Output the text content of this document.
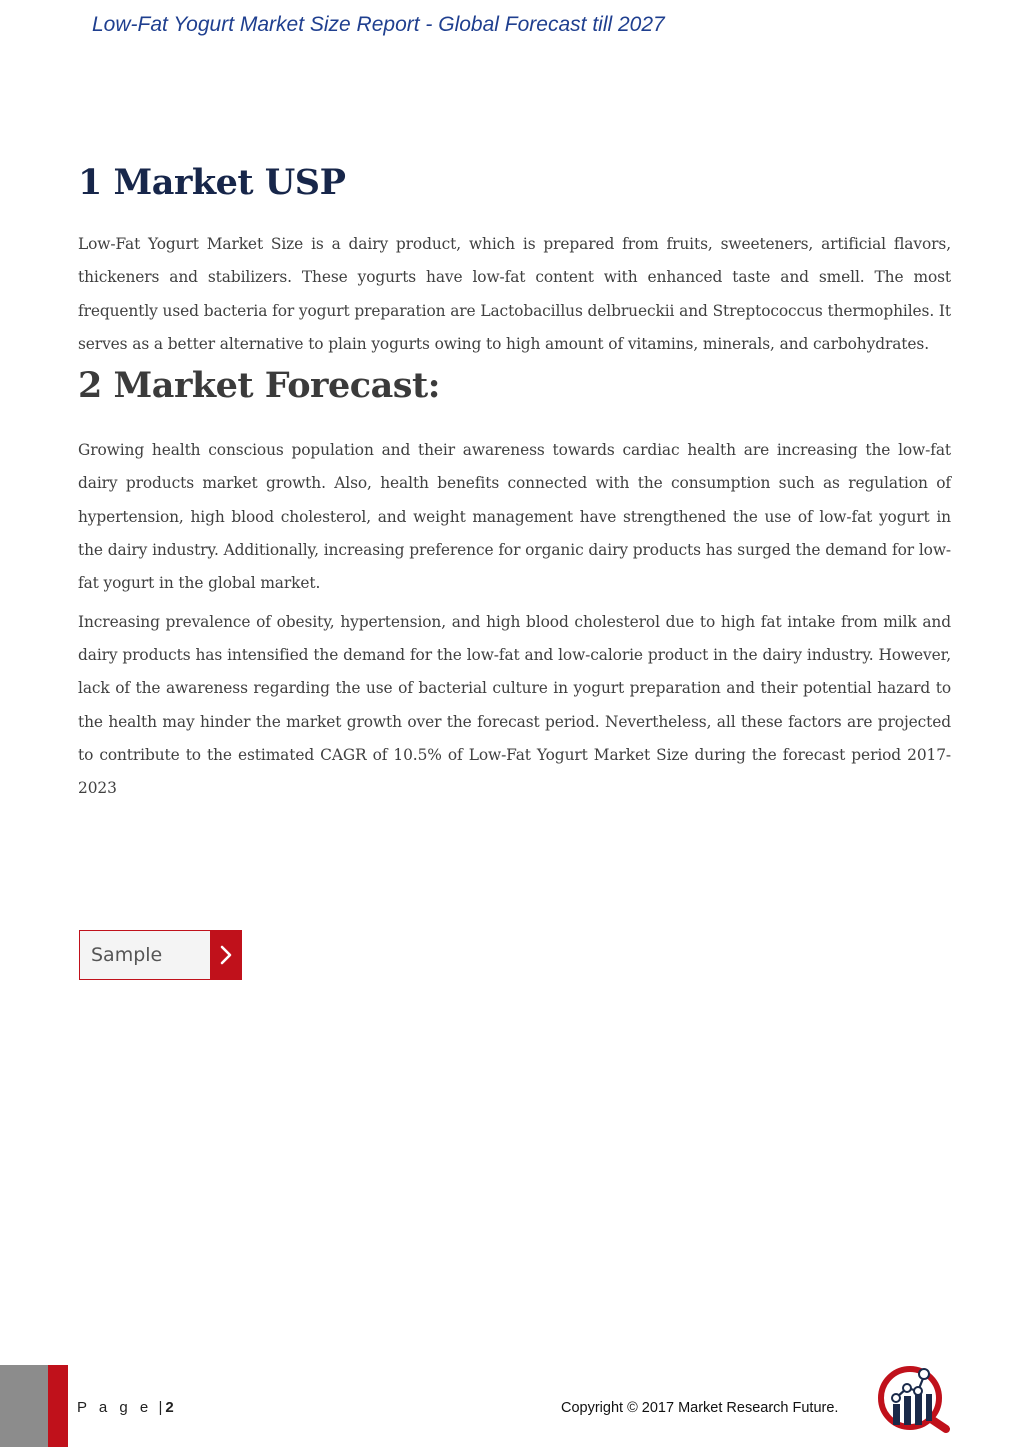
Low-Fat Yogurt Market Size Report - Global Forecast till 2027
1 Market USP

Low-Fat Yogurt Market Size is a dairy product, which is prepared from fruits, sweeteners, artificial flavors, thickeners and stabilizers. These yogurts have low-fat content with enhanced taste and smell. The most frequently used bacteria for yogurt preparation are Lactobacillus delbrueckii and Streptococcus thermophiles. It serves as a better alternative to plain yogurts owing to high amount of vitamins, minerals, and carbohydrates.

2 Market Forecast:

Growing health conscious population and their awareness towards cardiac health are increasing the low-fat dairy products market growth. Also, health benefits connected with the consumption such as regulation of hypertension, high blood cholesterol, and weight management have strengthened the use of low-fat yogurt in the dairy industry. Additionally, increasing preference for organic dairy products has surged the demand for low-fat yogurt in the global market.

Increasing prevalence of obesity, hypertension, and high blood cholesterol due to high fat intake from milk and dairy products has intensified the demand for the low-fat and low-calorie product in the dairy industry. However, lack of the awareness regarding the use of bacterial culture in yogurt preparation and their potential hazard to the health may hinder the market growth over the forecast period. Nevertheless, all these factors are projected to contribute to the estimated CAGR of 10.5% of Low-Fat Yogurt Market Size during the forecast period 2017-2023

Sample
P a g e | 2	Copyright © 2017 Market Research Future.
